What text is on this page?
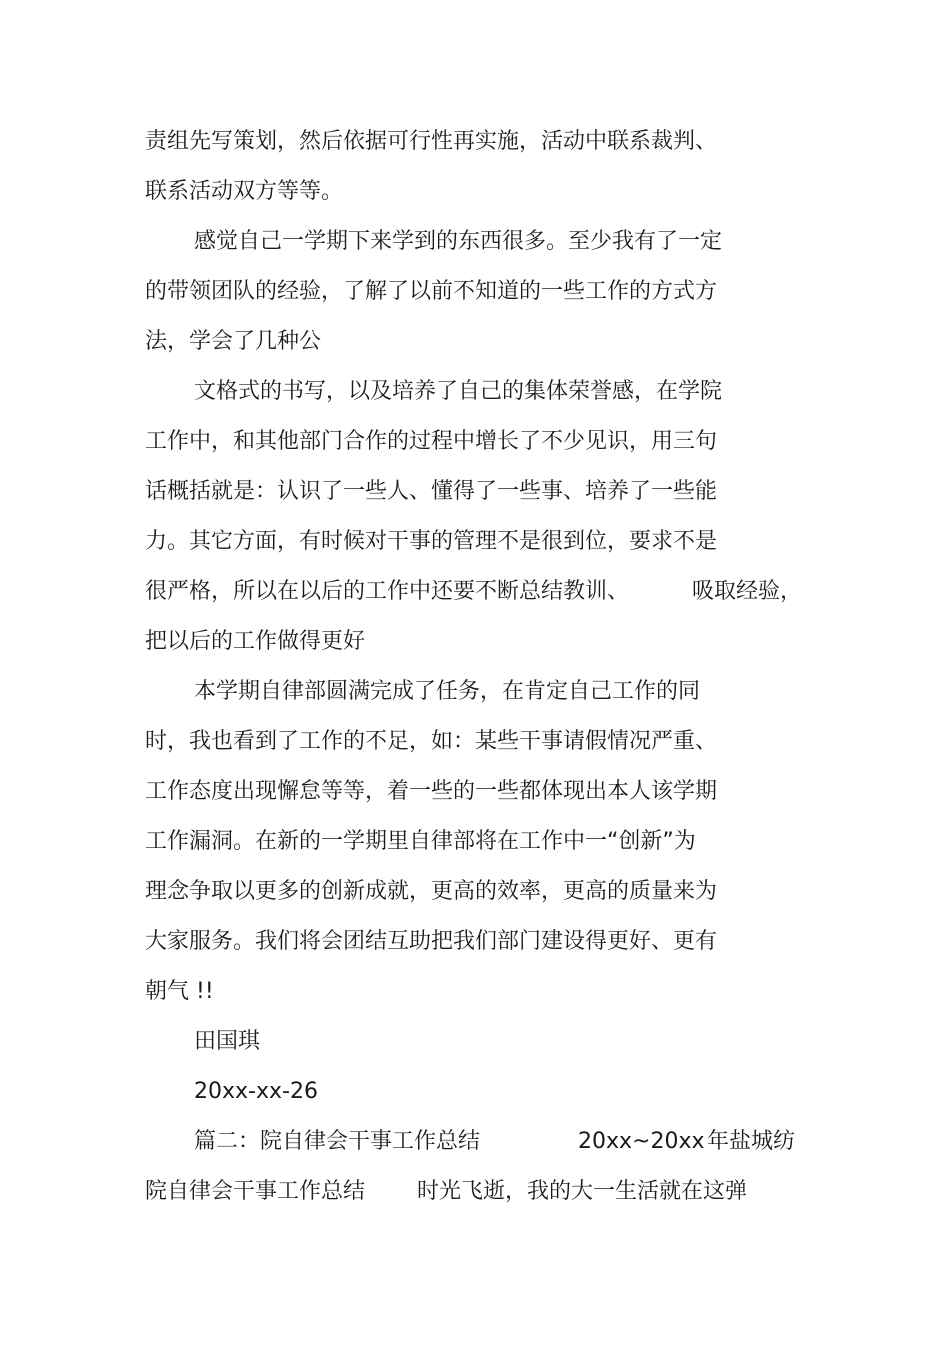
责组先写策划，然后依据可行性再实施，活动中联系裁判、
联系活动双方等等。
感觉自己一学期下来学到的东西很多。至少我有了一定
的带领团队的经验，了解了以前不知道的一些工作的方式方
法，学会了几种公
文格式的书写，以及培养了自己的集体荣誉感，在学院
工作中，和其他部门合作的过程中增长了不少见识，用三句
话概括就是：认识了一些人、懂得了一些事、培养了一些能
力。其它方面，有时候对干事的管理不是很到位，要求不是
很严格，所以在以后的工作中还要不断总结教训、	吸取经验，
把以后的工作做得更好
本学期自律部圆满完成了任务，在肯定自己工作的同
时，我也看到了工作的不足，如：某些干事请假情况严重、
工作态度出现懈怠等等，着一些的一些都体现出本人该学期
工作漏洞。在新的一学期里自律部将在工作中一“创新”为
理念争取以更多的创新成就，更高的效率，更高的质量来为
大家服务。我们将会团结互助把我们部门建设得更好、更有
朝气 !!
田国琪
20xx-xx-26
篇二：院自律会干事工作总结	20xx~20xx 年盐城纺
院自律会干事工作总结 时光飞逝，我的大一生活就在这弹
